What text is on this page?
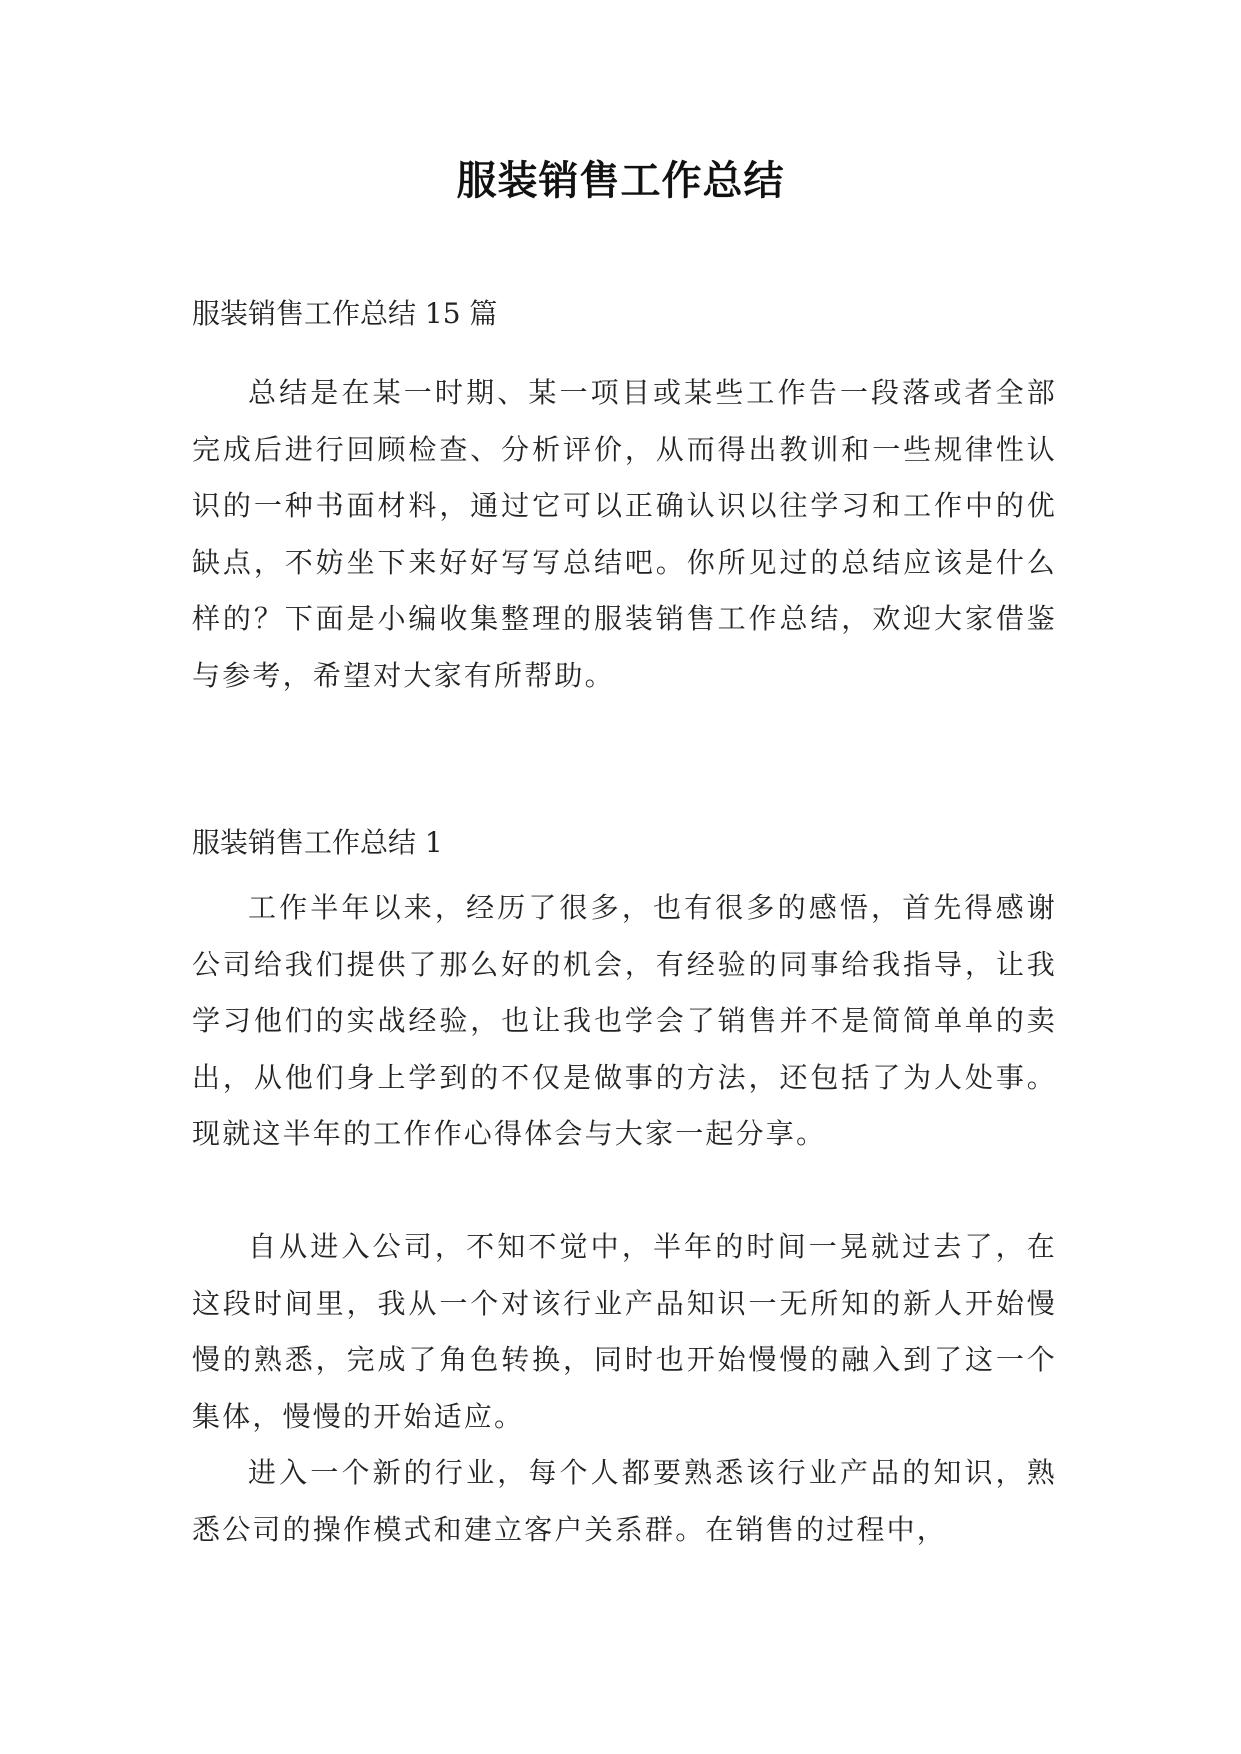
服装销售工作总结
服装销售工作总结 15 篇

总结是在某一时期、某一项目或某些工作告一段落或者全部完成后进行回顾检查、分析评价，从而得出教训和一些规律性认识的一种书面材料，通过它可以正确认识以往学习和工作中的优缺点，不妨坐下来好好写写总结吧。你所见过的总结应该是什么样的？下面是小编收集整理的服装销售工作总结，欢迎大家借鉴与参考，希望对大家有所帮助。

服装销售工作总结 1

工作半年以来，经历了很多，也有很多的感悟，首先得感谢公司给我们提供了那么好的机会，有经验的同事给我指导，让我学习他们的实战经验，也让我也学会了销售并不是简简单单的卖出，从他们身上学到的不仅是做事的方法，还包括了为人处事。现就这半年的工作作心得体会与大家一起分享。

自从进入公司，不知不觉中，半年的时间一晃就过去了，在这段时间里，我从一个对该行业产品知识一无所知的新人开始慢慢的熟悉，完成了角色转换，同时也开始慢慢的融入到了这一个集体，慢慢的开始适应。

进入一个新的行业，每个人都要熟悉该行业产品的知识，熟悉公司的操作模式和建立客户关系群。在销售的过程中，
